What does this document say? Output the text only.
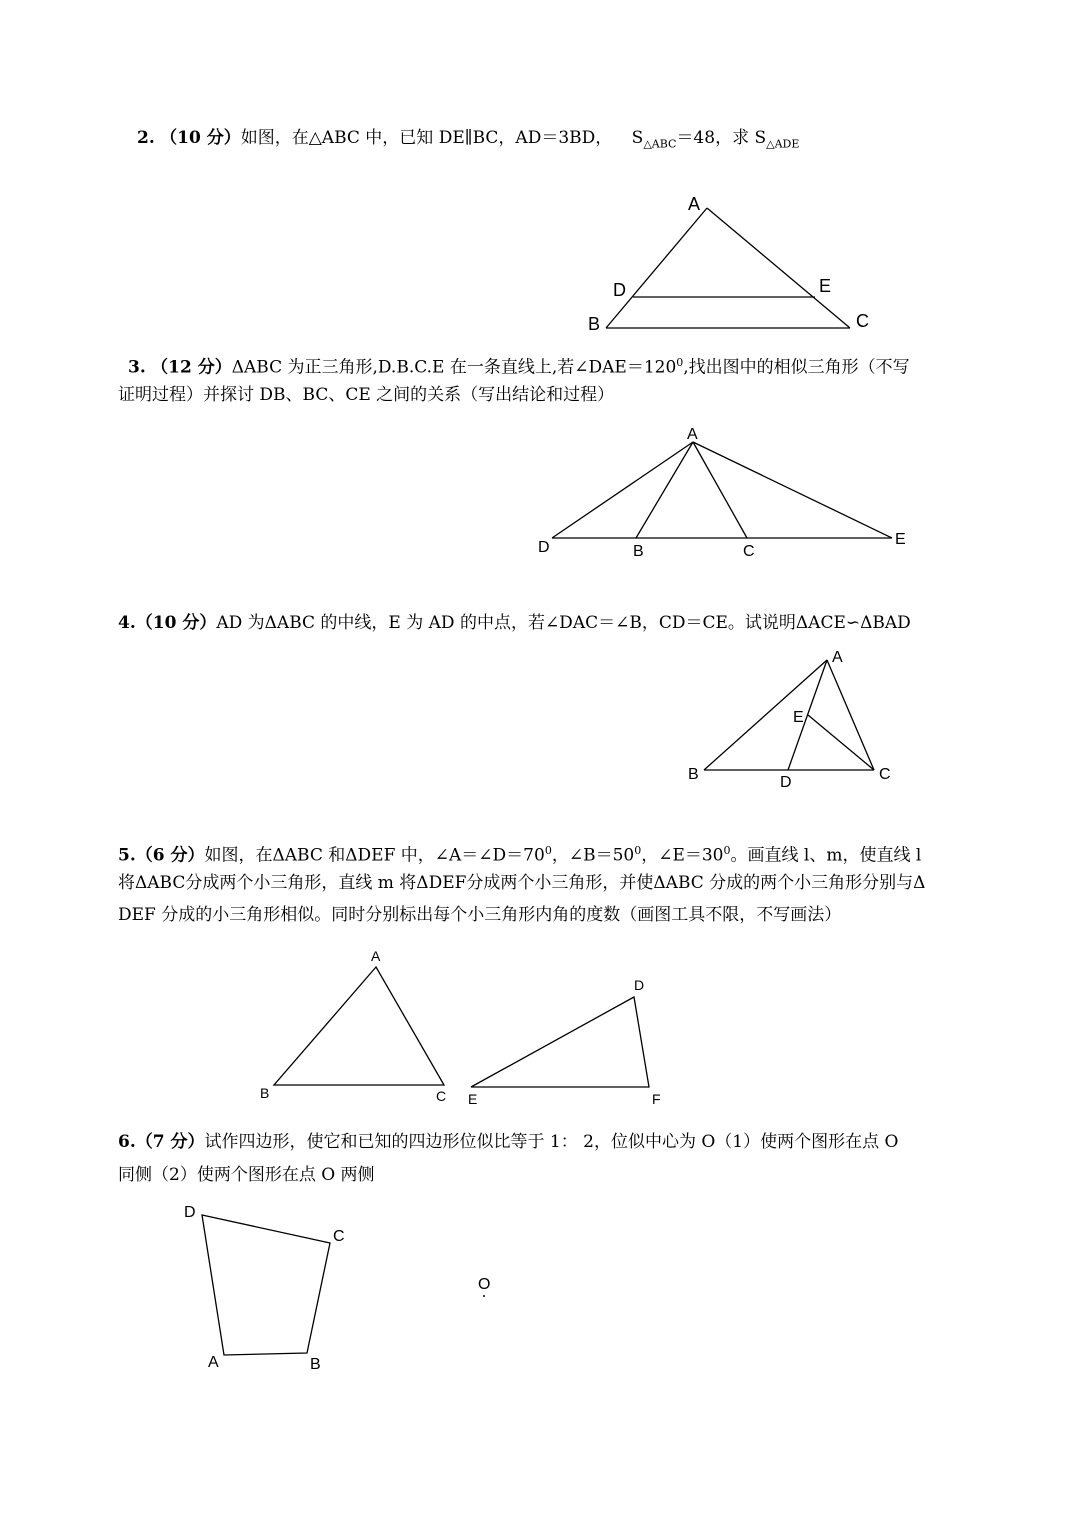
2. （10 分）如图，在△ABC 中，已知 DE∥BC，AD＝3BD， $S_{\triangle ABC}=48$，求 $S_{\triangle ADE}$
A
D	E
B	C
3. （12 分）ΔABC 为正三角形,D.B.C.E 在一条直线上,若$\angle DAE=120^0$,找出图中的相似三角形（不写
证明过程）并探讨 DB、BC、CE 之间的关系（写出结论和过程）
A
D	B	C
E
4.（10 分）AD 为ΔABC 的中线，E 为 AD 的中点，若∠DAC＝∠B，CD＝CE。试说明ΔACE∽ΔBAD
A
E
B	D	C
5.（6 分）如图，在ΔABC 和ΔDEF 中，$\angle A=\angle D=70^0$，$\angle B=50^0$，$\angle E=30^0$。画直线 l、m，使直线 l
将ΔABC分成两个小三角形，直线 m 将ΔDEF分成两个小三角形，并使ΔABC 分成的两个小三角形分别与Δ
DEF 分成的小三角形相似。同时分别标出每个小三角形内角的度数（画图工具不限，不写画法）
A
B	C
D
E	F
6.（7 分）试作四边形，使它和已知的四边形位似比等于 1： 2，位似中心为 O（1）使两个图形在点 O
同侧（2）使两个图形在点 O 两侧
D
C
A	B
O
